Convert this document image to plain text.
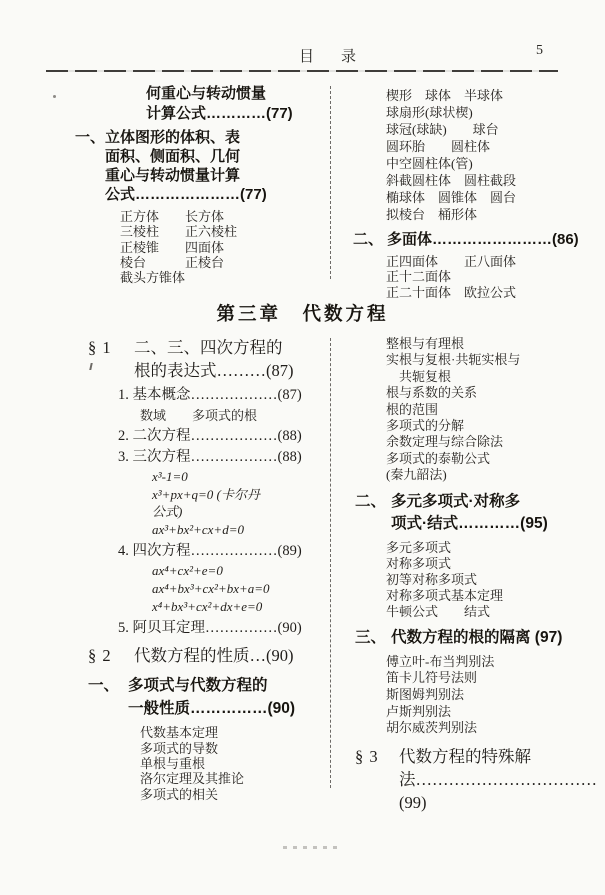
目　录	5
何重心与转动惯量
计算公式…………(77)
一、 立体图形的体积、表
面积、侧面积、几何
重心与转动惯量计算
公式…………………(77)
正方体　　长方体
三棱柱　　正六棱柱
正棱锥　　四面体
棱台　　　正棱台
截头方锥体
楔形　球体　半球体
球扇形(球状楔)
球冠(球缺)　　球台
圆环胎　　圆柱体
中空圆柱体(管)
斜截圆柱体　圆柱截段
椭球体　圆锥体　圆台
拟棱台　桶形体
二、 多面体……………………(86)
正四面体　　正八面体
正十二面体
正二十面体　欧拉公式
第三章　代数方程
§ 1	二、三、四次方程的
根的表达式………(87)
1. 基本概念………………(87)
数域　　多项式的根
2. 二次方程………………(88)
3. 三次方程………………(88)
x³-1=0
x³+px+q=0 (卡尔丹
公式)
ax³+bx²+cx+d=0
4. 四次方程………………(89)
ax⁴+cx²+e=0
ax⁴+bx³+cx²+bx+a=0
x⁴+bx³+cx²+dx+e=0
5. 阿贝耳定理……………(90)
§ 2	代数方程的性质…(90)
一、 多项式与代数方程的
一般性质……………(90)
代数基本定理
多项式的导数
单根与重根
洛尔定理及其推论
多项式的相关
整根与有理根
实根与复根·共轭实根与
　共轭复根
根与系数的关系
根的范围
多项式的分解
余数定理与综合除法
多项式的泰勒公式
(秦九韶法)
二、 多元多项式·对称多
项式·结式…………(95)
多元多项式
对称多项式
初等对称多项式
对称多项式基本定理
牛顿公式　　结式
三、 代数方程的根的隔离 (97)
傅立叶-布当判别法
笛卡儿符号法则
斯图姆判别法
卢斯判别法
胡尔威茨判别法
§ 3	代数方程的特殊解
法……………………………(99)
